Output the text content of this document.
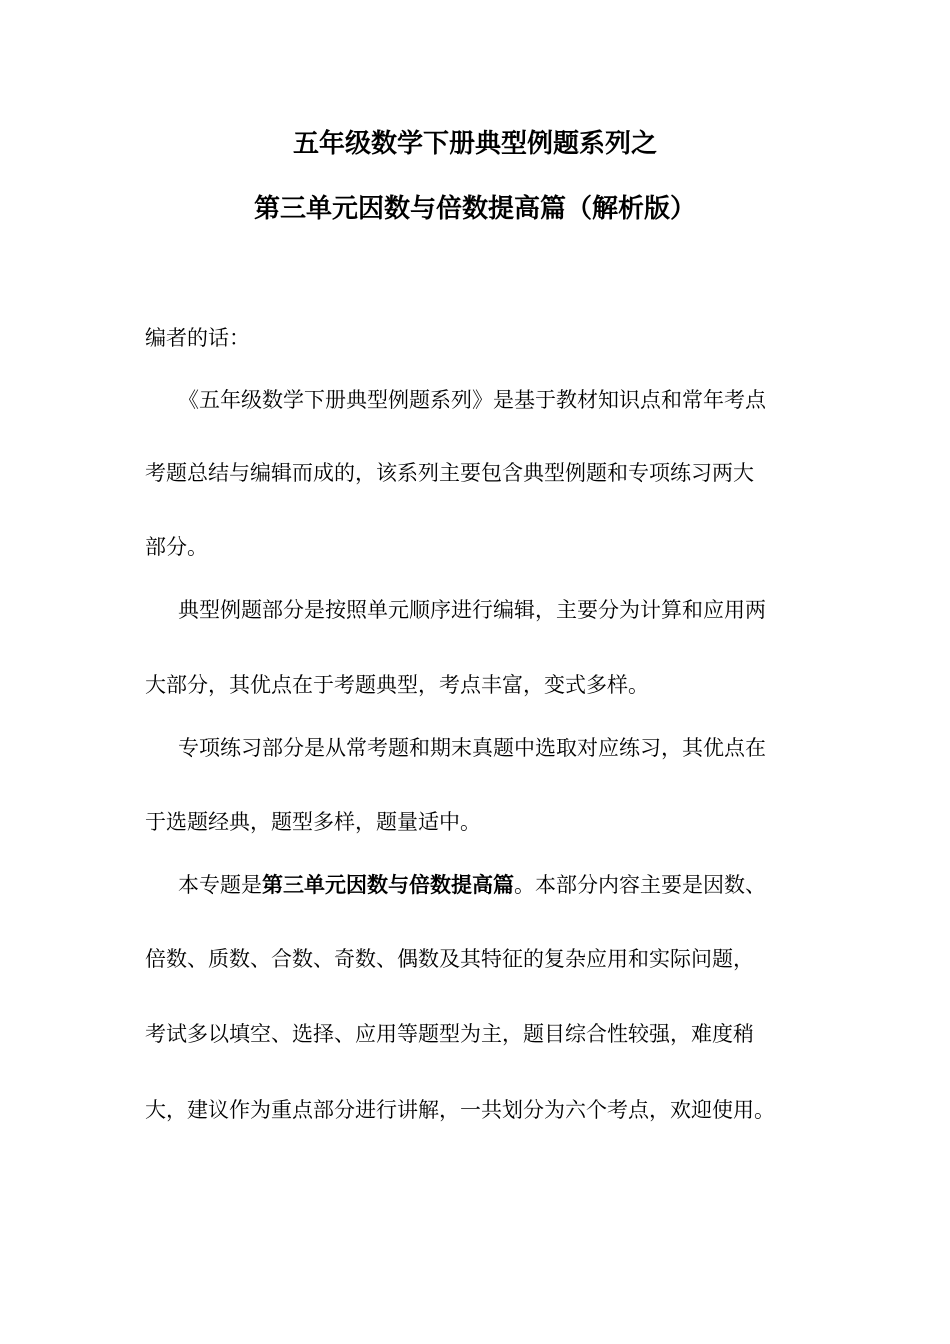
五年级数学下册典型例题系列之
第三单元因数与倍数提高篇（解析版）
编者的话：
《五年级数学下册典型例题系列》是基于教材知识点和常年考点
考题总结与编辑而成的，该系列主要包含典型例题和专项练习两大
部分。
典型例题部分是按照单元顺序进行编辑，主要分为计算和应用两
大部分，其优点在于考题典型，考点丰富，变式多样。
专项练习部分是从常考题和期末真题中选取对应练习，其优点在
于选题经典，题型多样，题量适中。
本专题是第三单元因数与倍数提高篇。本部分内容主要是因数、
倍数、质数、合数、奇数、偶数及其特征的复杂应用和实际问题，
考试多以填空、选择、应用等题型为主，题目综合性较强，难度稍
大，建议作为重点部分进行讲解，一共划分为六个考点，欢迎使用。
